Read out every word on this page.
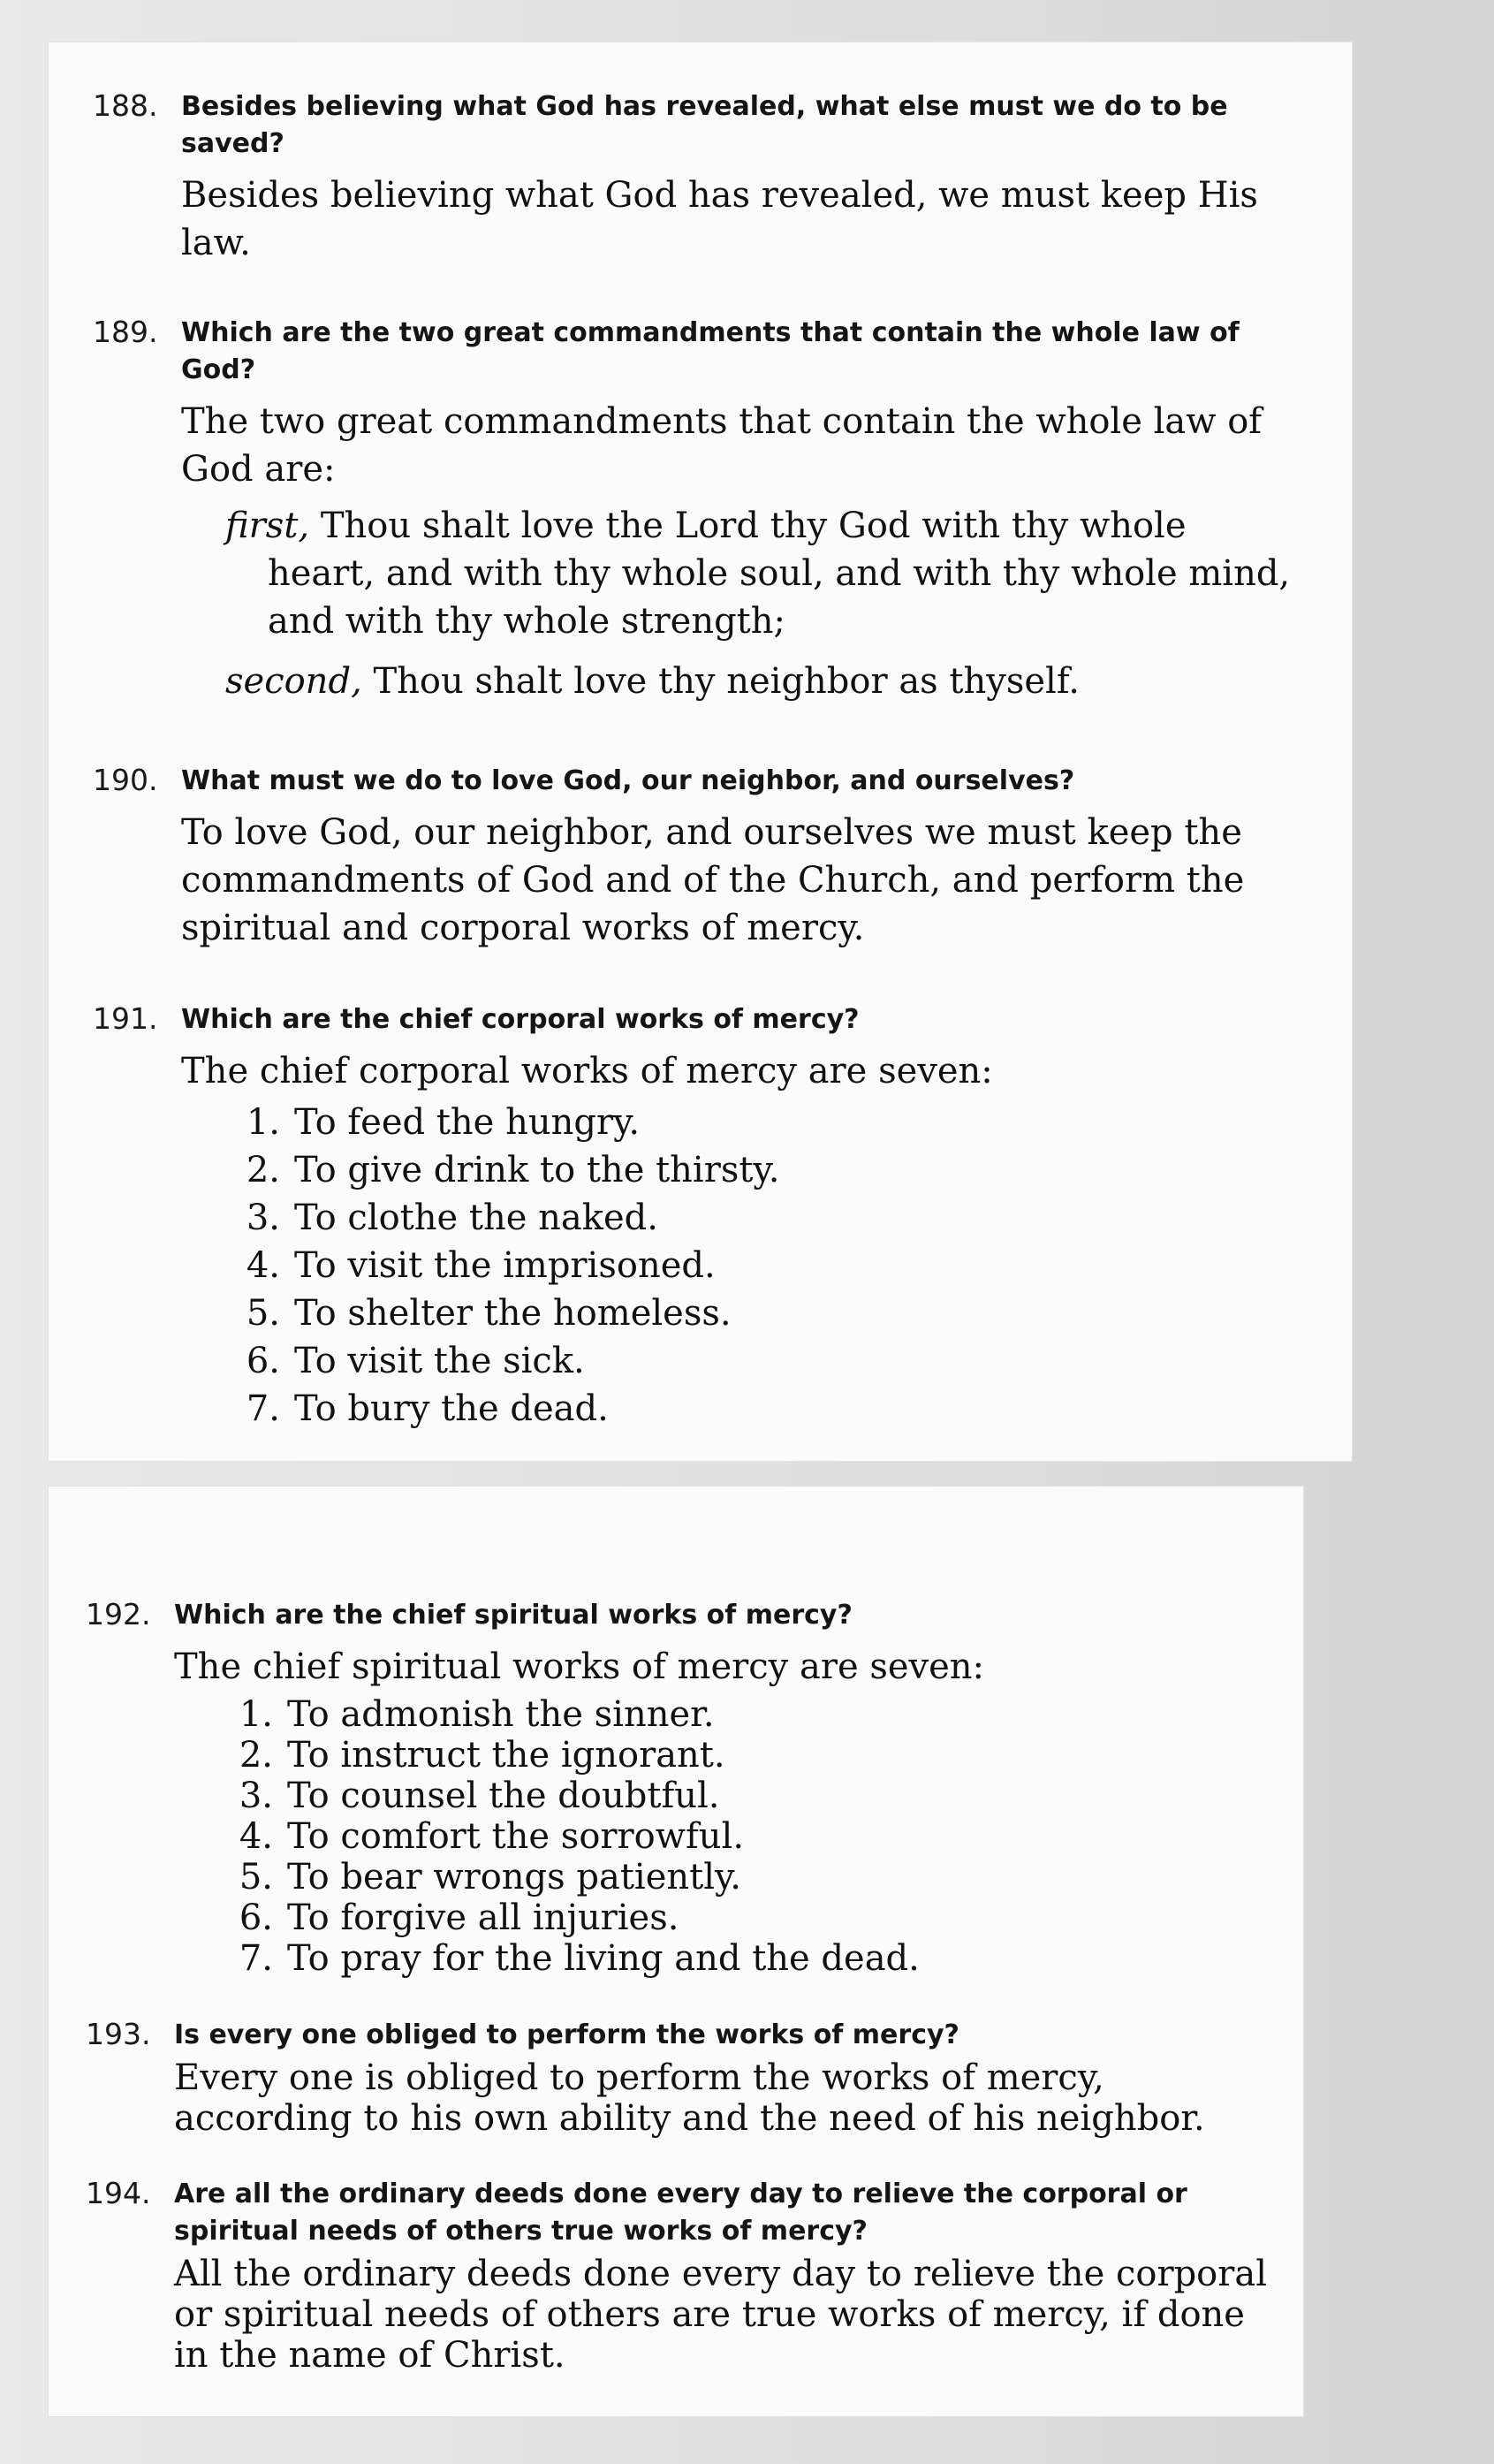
188. Besides believing what God has revealed, what else must we do to be saved?
Besides believing what God has revealed, we must keep His law.
189. Which are the two great commandments that contain the whole law of God?
The two great commandments that contain the whole law of God are:
first, Thou shalt love the Lord thy God with thy whole
heart, and with thy whole soul, and with thy whole mind, and with thy whole strength;
second, Thou shalt love thy neighbor as thyself.
190. What must we do to love God, our neighbor, and ourselves?
To love God, our neighbor, and ourselves we must keep the commandments of God and of the Church, and perform the spiritual and corporal works of mercy.
191. Which are the chief corporal works of mercy?
The chief corporal works of mercy are seven:
1. To feed the hungry.
2. To give drink to the thirsty.
3. To clothe the naked.
4. To visit the imprisoned.
5. To shelter the homeless.
6. To visit the sick.
7. To bury the dead.
192. Which are the chief spiritual works of mercy?
The chief spiritual works of mercy are seven:
1. To admonish the sinner.
2. To instruct the ignorant.
3. To counsel the doubtful.
4. To comfort the sorrowful.
5. To bear wrongs patiently.
6. To forgive all injuries.
7. To pray for the living and the dead.
193. Is every one obliged to perform the works of mercy?
Every one is obliged to perform the works of mercy, according to his own ability and the need of his neighbor.
194. Are all the ordinary deeds done every day to relieve the corporal or spiritual needs of others true works of mercy?
All the ordinary deeds done every day to relieve the corporal or spiritual needs of others are true works of mercy, if done in the name of Christ.
